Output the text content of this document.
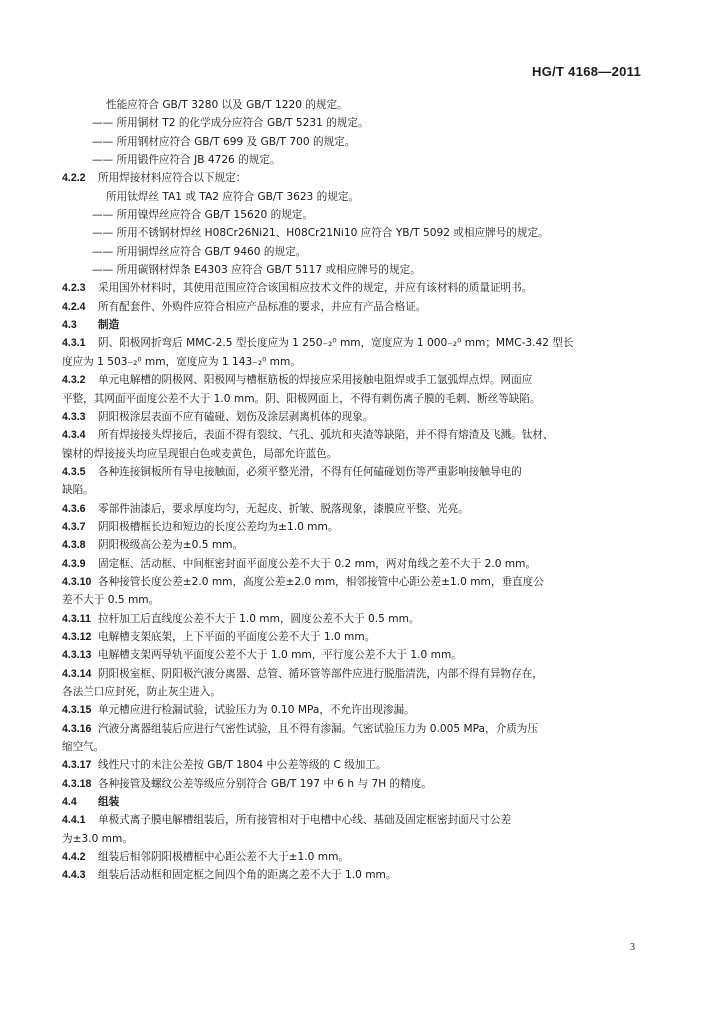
HG/T 4168—2011
性能应符合 GB/T 3280 以及 GB/T 1220 的规定。
—— 所用铜材 T2 的化学成分应符合 GB/T 5231 的规定。
—— 所用钢材应符合 GB/T 699 及 GB/T 700 的规定。
—— 所用锻件应符合 JB 4726 的规定。
4.2.2 所用焊接材料应符合以下规定：
所用钛焊丝 TA1 或 TA2 应符合 GB/T 3623 的规定。
—— 所用镍焊丝应符合 GB/T 15620 的规定。
—— 所用不锈钢材焊丝 H08Cr26Ni21、H08Cr21Ni10 应符合 YB/T 5092 或相应牌号的规定。
—— 所用铜焊丝应符合 GB/T 9460 的规定。
—— 所用碳钢材焊条 E4303 应符合 GB/T 5117 或相应牌号的规定。
4.2.3 采用国外材料时，其使用范围应符合该国相应技术文件的规定，并应有该材料的质量证明书。
4.2.4 所有配套件、外购件应符合相应产品标准的要求，并应有产品合格证。
4.3 制造
4.3.1 阴、阳极网折弯后 MMC-2.5 型长度应为 1 250₋₂⁰ mm，宽度应为 1 000₋₂⁰ mm；MMC-3.42 型长
度应为 1 503₋₂⁰ mm，宽度应为 1 143₋₂⁰ mm。
4.3.2 单元电解槽的阴极网、阳极网与槽框筋板的焊接应采用接触电阻焊或手工氩弧焊点焊。网面应
平整，其网面平面度公差不大于 1.0 mm。阴、阳极网面上，不得有刺伤离子膜的毛刺、断丝等缺陷。
4.3.3 阴阳极涂层表面不应有磕碰、划伤及涂层剥离机体的现象。
4.3.4 所有焊接接头焊接后，表面不得有裂纹、气孔、弧坑和夹渣等缺陷，并不得有熔渣及飞溅。钛材、
镍材的焊接接头均应呈现银白色或麦黄色，局部允许蓝色。
4.3.5 各种连接铜板所有导电接触面，必须平整光滑，不得有任何磕碰划伤等严重影响接触导电的
缺陷。
4.3.6 零部件油漆后，要求厚度均匀，无起皮、折皱、脱落现象，漆膜应平整、光亮。
4.3.7 阴阳极槽框长边和短边的长度公差均为±1.0 mm。
4.3.8 阴阳极级高公差为±0.5 mm。
4.3.9 固定框、活动框、中间框密封面平面度公差不大于 0.2 mm，两对角线之差不大于 2.0 mm。
4.3.10 各种接管长度公差±2.0 mm，高度公差±2.0 mm，相邻接管中心距公差±1.0 mm，垂直度公
差不大于 0.5 mm。
4.3.11 拉杆加工后直线度公差不大于 1.0 mm，圆度公差不大于 0.5 mm。
4.3.12 电解槽支架底架，上下平面的平面度公差不大于 1.0 mm。
4.3.13 电解槽支架两导轨平面度公差不大于 1.0 mm，平行度公差不大于 1.0 mm。
4.3.14 阴阳极室框、阴阳极汽液分离器、总管、循环管等部件应进行脱脂清洗，内部不得有异物存在，
各法兰口应封死，防止灰尘进入。
4.3.15 单元槽应进行检漏试验，试验压力为 0.10 MPa，不允许出现渗漏。
4.3.16 汽液分离器组装后应进行气密性试验，且不得有渗漏。气密试验压力为 0.005 MPa，介质为压
缩空气。
4.3.17 线性尺寸的未注公差按 GB/T 1804 中公差等级的 C 级加工。
4.3.18 各种接管及螺纹公差等级应分别符合 GB/T 197 中 6 h 与 7H 的精度。
4.4 组装
4.4.1 单极式离子膜电解槽组装后，所有接管相对于电槽中心线、基础及固定框密封面尺寸公差
为±3.0 mm。
4.4.2 组装后相邻阴阳极槽框中心距公差不大于±1.0 mm。
4.4.3 组装后活动框和固定框之间四个角的距离之差不大于 1.0 mm。
3
